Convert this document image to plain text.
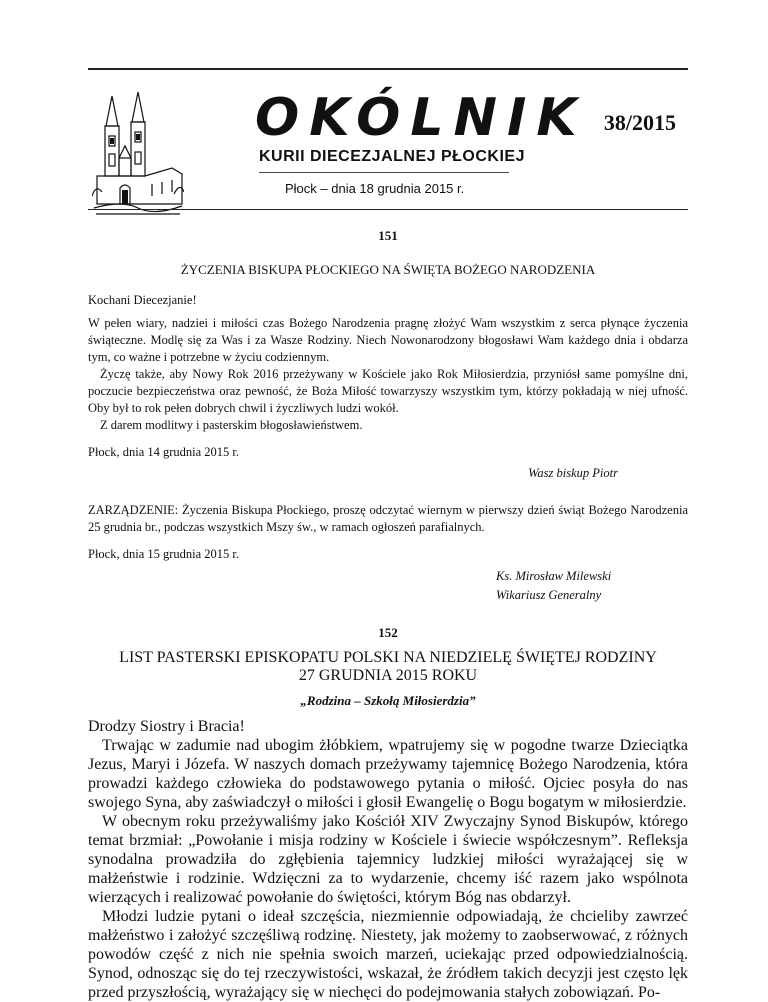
OKÓLNIK 38/2015
KURII DIECEZJALNEJ PŁOCKIEJ
Płock – dnia 18 grudnia 2015 r.
151
ŻYCZENIA BISKUPA PŁOCKIEGO NA ŚWIĘTA BOŻEGO NARODZENIA

Kochani Diecezjanie!

W pełen wiary, nadziei i miłości czas Bożego Narodzenia pragnę złożyć Wam wszystkim z serca płynące życzenia świąteczne. Modlę się za Was i za Wasze Rodziny. Niech Nowonarodzony błogosławi Wam każdego dnia i obdarza tym, co ważne i potrzebne w życiu codziennym.

Życzę także, aby Nowy Rok 2016 przeżywany w Kościele jako Rok Miłosierdzia, przyniósł same pomyślne dni, poczucie bezpieczeństwa oraz pewność, że Boża Miłość towarzyszy wszystkim tym, którzy pokładają w niej ufność. Oby był to rok pełen dobrych chwil i życzliwych ludzi wokół.

Z darem modlitwy i pasterskim błogosławieństwem.

Płock, dnia 14 grudnia 2015 r.

Wasz biskup Piotr

ZARZĄDZENIE: Życzenia Biskupa Płockiego, proszę odczytać wiernym w pierwszy dzień świąt Bożego Narodzenia 25 grudnia br., podczas wszystkich Mszy św., w ramach ogłoszeń parafialnych.

Płock, dnia 15 grudnia 2015 r.

Ks. Mirosław Milewski
Wikariusz Generalny
152
LIST PASTERSKI EPISKOPATU POLSKI NA NIEDZIELĘ ŚWIĘTEJ RODZINY
27 GRUDNIA 2015 ROKU
„Rodzina – Szkołą Miłosierdzia”

Drodzy Siostry i Bracia!

Trwając w zadumie nad ubogim żłóbkiem, wpatrujemy się w pogodne twarze Dzieciątka Jezus, Maryi i Józefa. W naszych domach przeżywamy tajemnicę Bożego Narodzenia, która prowadzi każdego człowieka do podstawowego pytania o miłość. Ojciec posyła do nas swojego Syna, aby zaświadczył o miłości i głosił Ewangelię o Bogu bogatym w miłosierdzie.

W obecnym roku przeżywaliśmy jako Kościół XIV Zwyczajny Synod Biskupów, którego temat brzmiał: „Powołanie i misja rodziny w Kościele i świecie współczesnym”. Refleksja synodalna prowadziła do zgłębienia tajemnicy ludzkiej miłości wyrażającej się w małżeństwie i rodzinie. Wdzięczni za to wydarzenie, chcemy iść razem jako wspólnota wierzących i realizować powołanie do świętości, którym Bóg nas obdarzył.

Młodzi ludzie pytani o ideał szczęścia, niezmiennie odpowiadają, że chcieliby zawrzeć małżeństwo i założyć szczęśliwą rodzinę. Niestety, jak możemy to zaobserwować, z różnych powodów część z nich nie spełnia swoich marzeń, uciekając przed odpowiedzialnością. Synod, odnosząc się do tej rzeczywistości, wskazał, że źródłem takich decyzji jest często lęk przed przyszłością, wyrażający się w niechęci do podejmowania stałych zobowiązań. Po-
